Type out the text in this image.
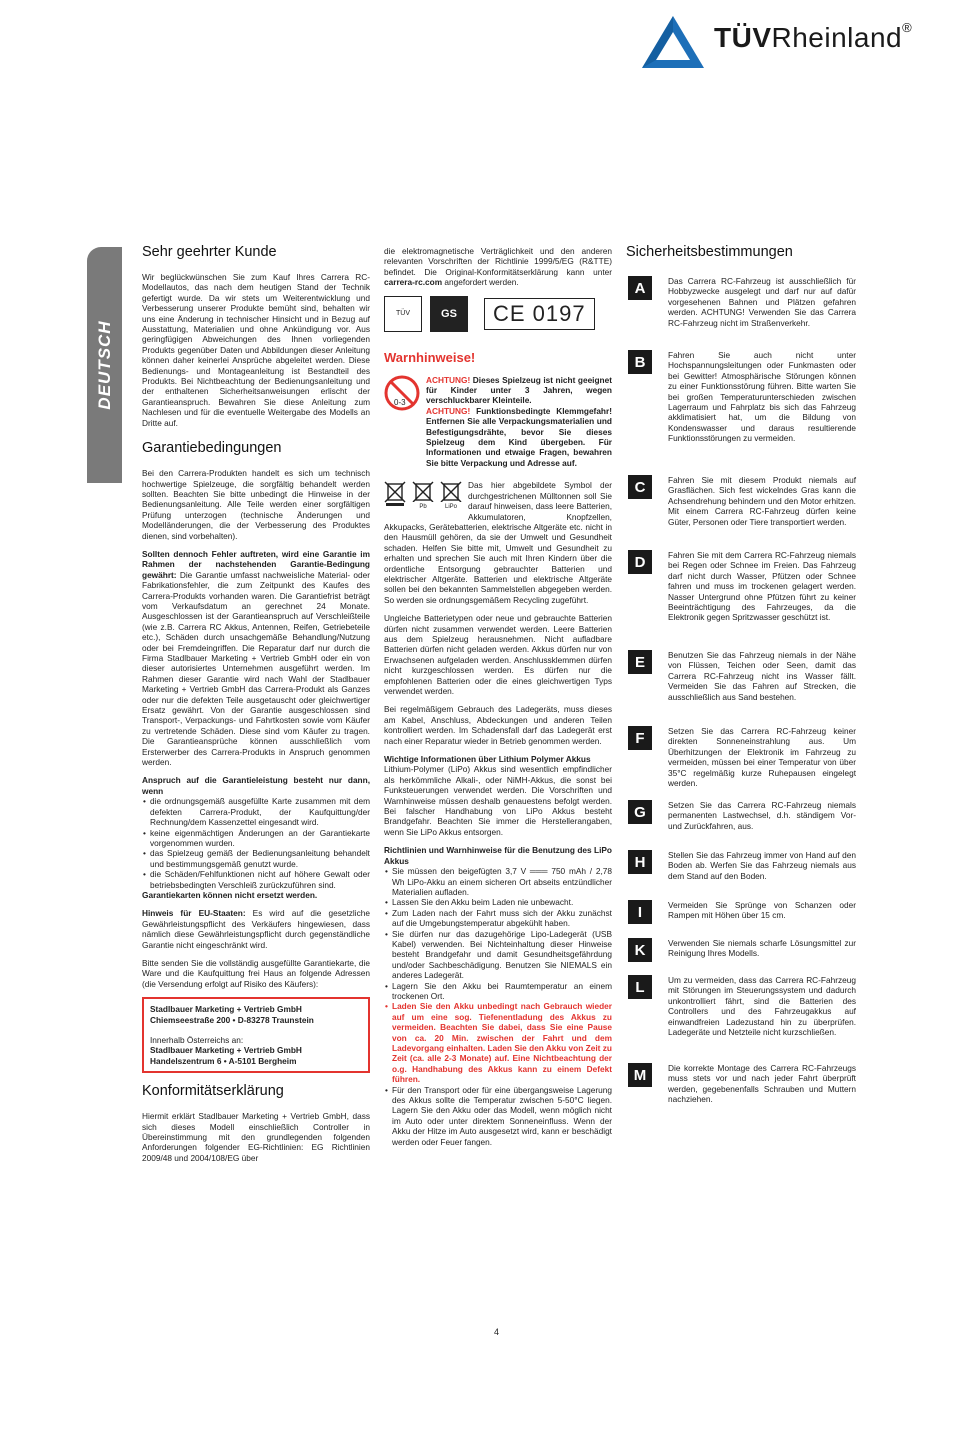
TÜVRheinland®
DEUTSCH
Sehr geehrter Kunde

Wir beglückwünschen Sie zum Kauf Ihres Carrera RC-Modellautos, das nach dem heutigen Stand der Technik gefertigt wurde. Da wir stets um Weiterentwicklung und Verbesserung unserer Produkte bemüht sind, behalten wir uns eine Änderung in technischer Hinsicht und in Bezug auf Ausstattung, Materialien und ohne Ankündigung vor. Aus geringfügigen Abweichungen des Ihnen vorliegenden Produkts gegenüber Daten und Abbildungen dieser Anleitung können daher keinerlei Ansprüche abgeleitet werden. Diese Bedienungs- und Montageanleitung ist Bestandteil des Produkts. Bei Nichtbeachtung der Bedienungsanleitung und der enthaltenen Sicherheitsanweisungen erlischt der Garantieanspruch. Bewahren Sie diese Anleitung zum Nachlesen und für die eventuelle Weitergabe des Modells an Dritte auf.

Garantiebedingungen

Bei den Carrera-Produkten handelt es sich um technisch hochwertige Spielzeuge, die sorgfältig behandelt werden sollten. Beachten Sie bitte unbedingt die Hinweise in der Bedienungsanleitung. Alle Teile werden einer sorgfältigen Prüfung unterzogen (technische Änderungen und Modelländerungen, die der Verbesserung des Produktes dienen, sind vorbehalten).

Sollten dennoch Fehler auftreten, wird eine Garantie im Rahmen der nachstehenden Garantie-Bedingung gewährt: Die Garantie umfasst nachweisliche Material- oder Fabrikationsfehler, die zum Zeitpunkt des Kaufes des Carrera-Produkts vorhanden waren. Die Garantiefrist beträgt vom Verkaufsdatum an gerechnet 24 Monate. Ausgeschlossen ist der Garantieanspruch auf Verschleißteile (wie z.B. Carrera RC Akkus, Antennen, Reifen, Getriebeteile etc.), Schäden durch unsachgemäße Behandlung/Nutzung oder bei Fremdeingriffen. Die Reparatur darf nur durch die Firma Stadlbauer Marketing + Vertrieb GmbH oder ein von dieser autorisiertes Unternehmen ausgeführt werden. Im Rahmen dieser Garantie wird nach Wahl der Stadlbauer Marketing + Vertrieb GmbH das Carrera-Produkt als Ganzes oder nur die defekten Teile ausgetauscht oder gleichwertiger Ersatz gewährt. Von der Garantie ausgeschlossen sind Transport-, Verpackungs- und Fahrtkosten sowie vom Käufer zu vertretende Schäden. Diese sind vom Käufer zu tragen. Die Garantieansprüche können ausschließlich vom Ersterwerber des Carrera-Produkts in Anspruch genommen werden.

Anspruch auf die Garantieleistung besteht nur dann, wenn

• die ordnungsgemäß ausgefüllte Karte zusammen mit dem defekten Carrera-Produkt, der Kaufquittung/der Rechnung/dem Kassenzettel eingesandt wird.
• keine eigenmächtigen Änderungen an der Garantiekarte vorgenommen wurden.
• das Spielzeug gemäß der Bedienungsanleitung behandelt und bestimmungsgemäß genutzt wurde.
• die Schäden/Fehlfunktionen nicht auf höhere Gewalt oder betriebsbedingten Verschleiß zurückzuführen sind.

Garantiekarten können nicht ersetzt werden.

Hinweis für EU-Staaten: Es wird auf die gesetzliche Gewährleistungspflicht des Verkäufers hingewiesen, dass nämlich diese Gewährleistungspflicht durch gegenständliche Garantie nicht eingeschränkt wird.

Bitte senden Sie die vollständig ausgefüllte Garantiekarte, die Ware und die Kaufquittung frei Haus an folgende Adressen (die Versendung erfolgt auf Risiko des Käufers):

Stadlbauer Marketing + Vertrieb GmbH

Chiemseestraße 200 • D-83278 Traunstein

Innerhalb Österreichs an:

Stadlbauer Marketing + Vertrieb GmbH

Handelszentrum 6 • A-5101 Bergheim

Konformitätserklärung

Hiermit erklärt Stadlbauer Marketing + Vertrieb GmbH, dass sich dieses Modell einschließlich Controller in Übereinstimmung mit den grundlegenden folgenden Anforderungen folgender EG-Richtlinien: EG Richtlinien 2009/48 und 2004/108/EG über

die elektromagnetische Verträglichkeit und den anderen relevanten Vorschriften der Richtlinie 1999/5/EG (R&TTE) befindet. Die Original-Konformitätserklärung kann unter carrera-rc.com angefordert werden.

TÜV	GS	CE 0197
Warnhinweise!
0-3

ACHTUNG! Dieses Spielzeug ist nicht geeignet für Kinder unter 3 Jahren, wegen verschluckbarer Kleinteile.
ACHTUNG! Funktionsbedingte Klemmgefahr! Entfernen Sie alle Verpackungsmaterialien und Befestigungsdrähte, bevor Sie dieses Spielzeug dem Kind übergeben. Für Informationen und etwaige Fragen, bewahren Sie bitte Verpackung und Adresse auf.

Pb	LiPo

Das hier abgebildete Symbol der durchgestrichenen Mülltonnen soll Sie darauf hinweisen, dass leere Batterien, Akkumulatoren, Knopfzellen, Akkupacks, Gerätebatterien, elektrische Altgeräte etc. nicht in den Hausmüll gehören, da sie der Umwelt und Gesundheit schaden. Helfen Sie bitte mit, Umwelt und Gesundheit zu erhalten und sprechen Sie auch mit Ihren Kindern über die ordentliche Entsorgung gebrauchter Batterien und elektrischer Altgeräte. Batterien und elektrische Altgeräte sollen bei den bekannten Sammelstellen abgegeben werden. So werden sie ordnungsgemäßem Recycling zugeführt.

Ungleiche Batterietypen oder neue und gebrauchte Batterien dürfen nicht zusammen verwendet werden. Leere Batterien aus dem Spielzeug herausnehmen. Nicht aufladbare Batterien dürfen nicht geladen werden. Akkus dürfen nur von Erwachsenen aufgeladen werden. Anschlussklemmen dürfen nicht kurzgeschlossen werden. Es dürfen nur die empfohlenen Batterien oder die eines gleichwertigen Typs verwendet werden.

Bei regelmäßigem Gebrauch des Ladegeräts, muss dieses am Kabel, Anschluss, Abdeckungen und anderen Teilen kontrolliert werden. Im Schadensfall darf das Ladegerät erst nach einer Reparatur wieder in Betrieb genommen werden.

Wichtige Informationen über Lithium Polymer Akkus

Lithium-Polymer (LiPo) Akkus sind wesentlich empfindlicher als herkömmliche Alkali-, oder NiMH-Akkus, die sonst bei Funksteuerungen verwendet werden. Die Vorschriften und Warnhinweise müssen deshalb genauestens befolgt werden. Bei falscher Handhabung von LiPo Akkus besteht Brandgefahr. Beachten Sie immer die Herstellerangaben, wenn Sie LiPo Akkus entsorgen.

Richtlinien und Warnhinweise für die Benutzung des LiPo Akkus

• Sie müssen den beigefügten 3,7 V ═══ 750 mAh / 2,78 Wh LiPo-Akku an einem sicheren Ort abseits entzündlicher Materialien aufladen.
• Lassen Sie den Akku beim Laden nie unbewacht.
• Zum Laden nach der Fahrt muss sich der Akku zunächst auf die Umgebungstemperatur abgekühlt haben.
• Sie dürfen nur das dazugehörige Lipo-Ladegerät (USB Kabel) verwenden. Bei Nichteinhaltung dieser Hinweise besteht Brandgefahr und damit Gesundheitsgefährdung und/oder Sachbeschädigung. Benutzen Sie NIEMALS ein anderes Ladegerät.
• Lagern Sie den Akku bei Raumtemperatur an einem trockenen Ort.
• Laden Sie den Akku unbedingt nach Gebrauch wieder auf um eine sog. Tiefenentladung des Akkus zu vermeiden. Beachten Sie dabei, dass Sie eine Pause von ca. 20 Min. zwischen der Fahrt und dem Ladevorgang einhalten. Laden Sie den Akku von Zeit zu Zeit (ca. alle 2-3 Monate) auf. Eine Nichtbeachtung der o.g. Handhabung des Akkus kann zu einem Defekt führen.
• Für den Transport oder für eine übergangsweise Lagerung des Akkus sollte die Temperatur zwischen 5-50°C liegen. Lagern Sie den Akku oder das Modell, wenn möglich nicht im Auto oder unter direktem Sonneneinfluss. Wenn der Akku der Hitze im Auto ausgesetzt wird, kann er beschädigt werden oder Feuer fangen.
Sicherheitsbestimmungen
A	Das Carrera RC-Fahrzeug ist ausschließlich für Hobbyzwecke ausgelegt und darf nur auf dafür vorgesehenen Bahnen und Plätzen gefahren werden. ACHTUNG! Verwenden Sie das Carrera RC-Fahrzeug nicht im Straßenverkehr.

B	Fahren Sie auch nicht unter Hochspannungsleitungen oder Funkmasten oder bei Gewitter! Atmosphärische Störungen können zu einer Funktionsstörung führen. Bitte warten Sie bei großen Temperaturunterschieden zwischen Lagerraum und Fahrplatz bis sich das Fahrzeug akklimatisiert hat, um die Bildung von Kondenswasser und daraus resultierende Funktionsstörungen zu vermeiden.

C	Fahren Sie mit diesem Produkt niemals auf Grasflächen. Sich fest wickelndes Gras kann die Achsendrehung behindern und den Motor erhitzen. Mit einem Carrera RC-Fahrzeug dürfen keine Güter, Personen oder Tiere transportiert werden.

D	Fahren Sie mit dem Carrera RC-Fahrzeug niemals bei Regen oder Schnee im Freien. Das Fahrzeug darf nicht durch Wasser, Pfützen oder Schnee fahren und muss im trockenen gelagert werden. Nasser Untergrund ohne Pfützen führt zu keiner Beeinträchtigung des Fahrzeuges, da die Elektronik gegen Spritzwasser geschützt ist.

E	Benutzen Sie das Fahrzeug niemals in der Nähe von Flüssen, Teichen oder Seen, damit das Carrera RC-Fahrzeug nicht ins Wasser fällt. Vermeiden Sie das Fahren auf Strecken, die ausschließlich aus Sand bestehen.

F	Setzen Sie das Carrera RC-Fahrzeug keiner direkten Sonneneinstrahlung aus. Um Überhitzungen der Elektronik im Fahrzeug zu vermeiden, müssen bei einer Temperatur von über 35°C regelmäßig kurze Ruhepausen eingelegt werden.

G	Setzen Sie das Carrera RC-Fahrzeug niemals permanenten Lastwechsel, d.h. ständigem Vor- und Zurückfahren, aus.

H	Stellen Sie das Fahrzeug immer von Hand auf den Boden ab. Werfen Sie das Fahrzeug niemals aus dem Stand auf den Boden.

I	Vermeiden Sie Sprünge von Schanzen oder Rampen mit Höhen über 15 cm.

K	Verwenden Sie niemals scharfe Lösungsmittel zur Reinigung Ihres Modells.

L	Um zu vermeiden, dass das Carrera RC-Fahrzeug mit Störungen im Steuerungssystem und dadurch unkontrolliert fährt, sind die Batterien des Controllers und des Fahrzeugakkus auf einwandfreien Ladezustand hin zu überprüfen. Ladegeräte und Netzteile nicht kurzschließen.

M	Die korrekte Montage des Carrera RC-Fahrzeugs muss stets vor und nach jeder Fahrt überprüft werden, gegebenenfalls Schrauben und Muttern nachziehen.

4
